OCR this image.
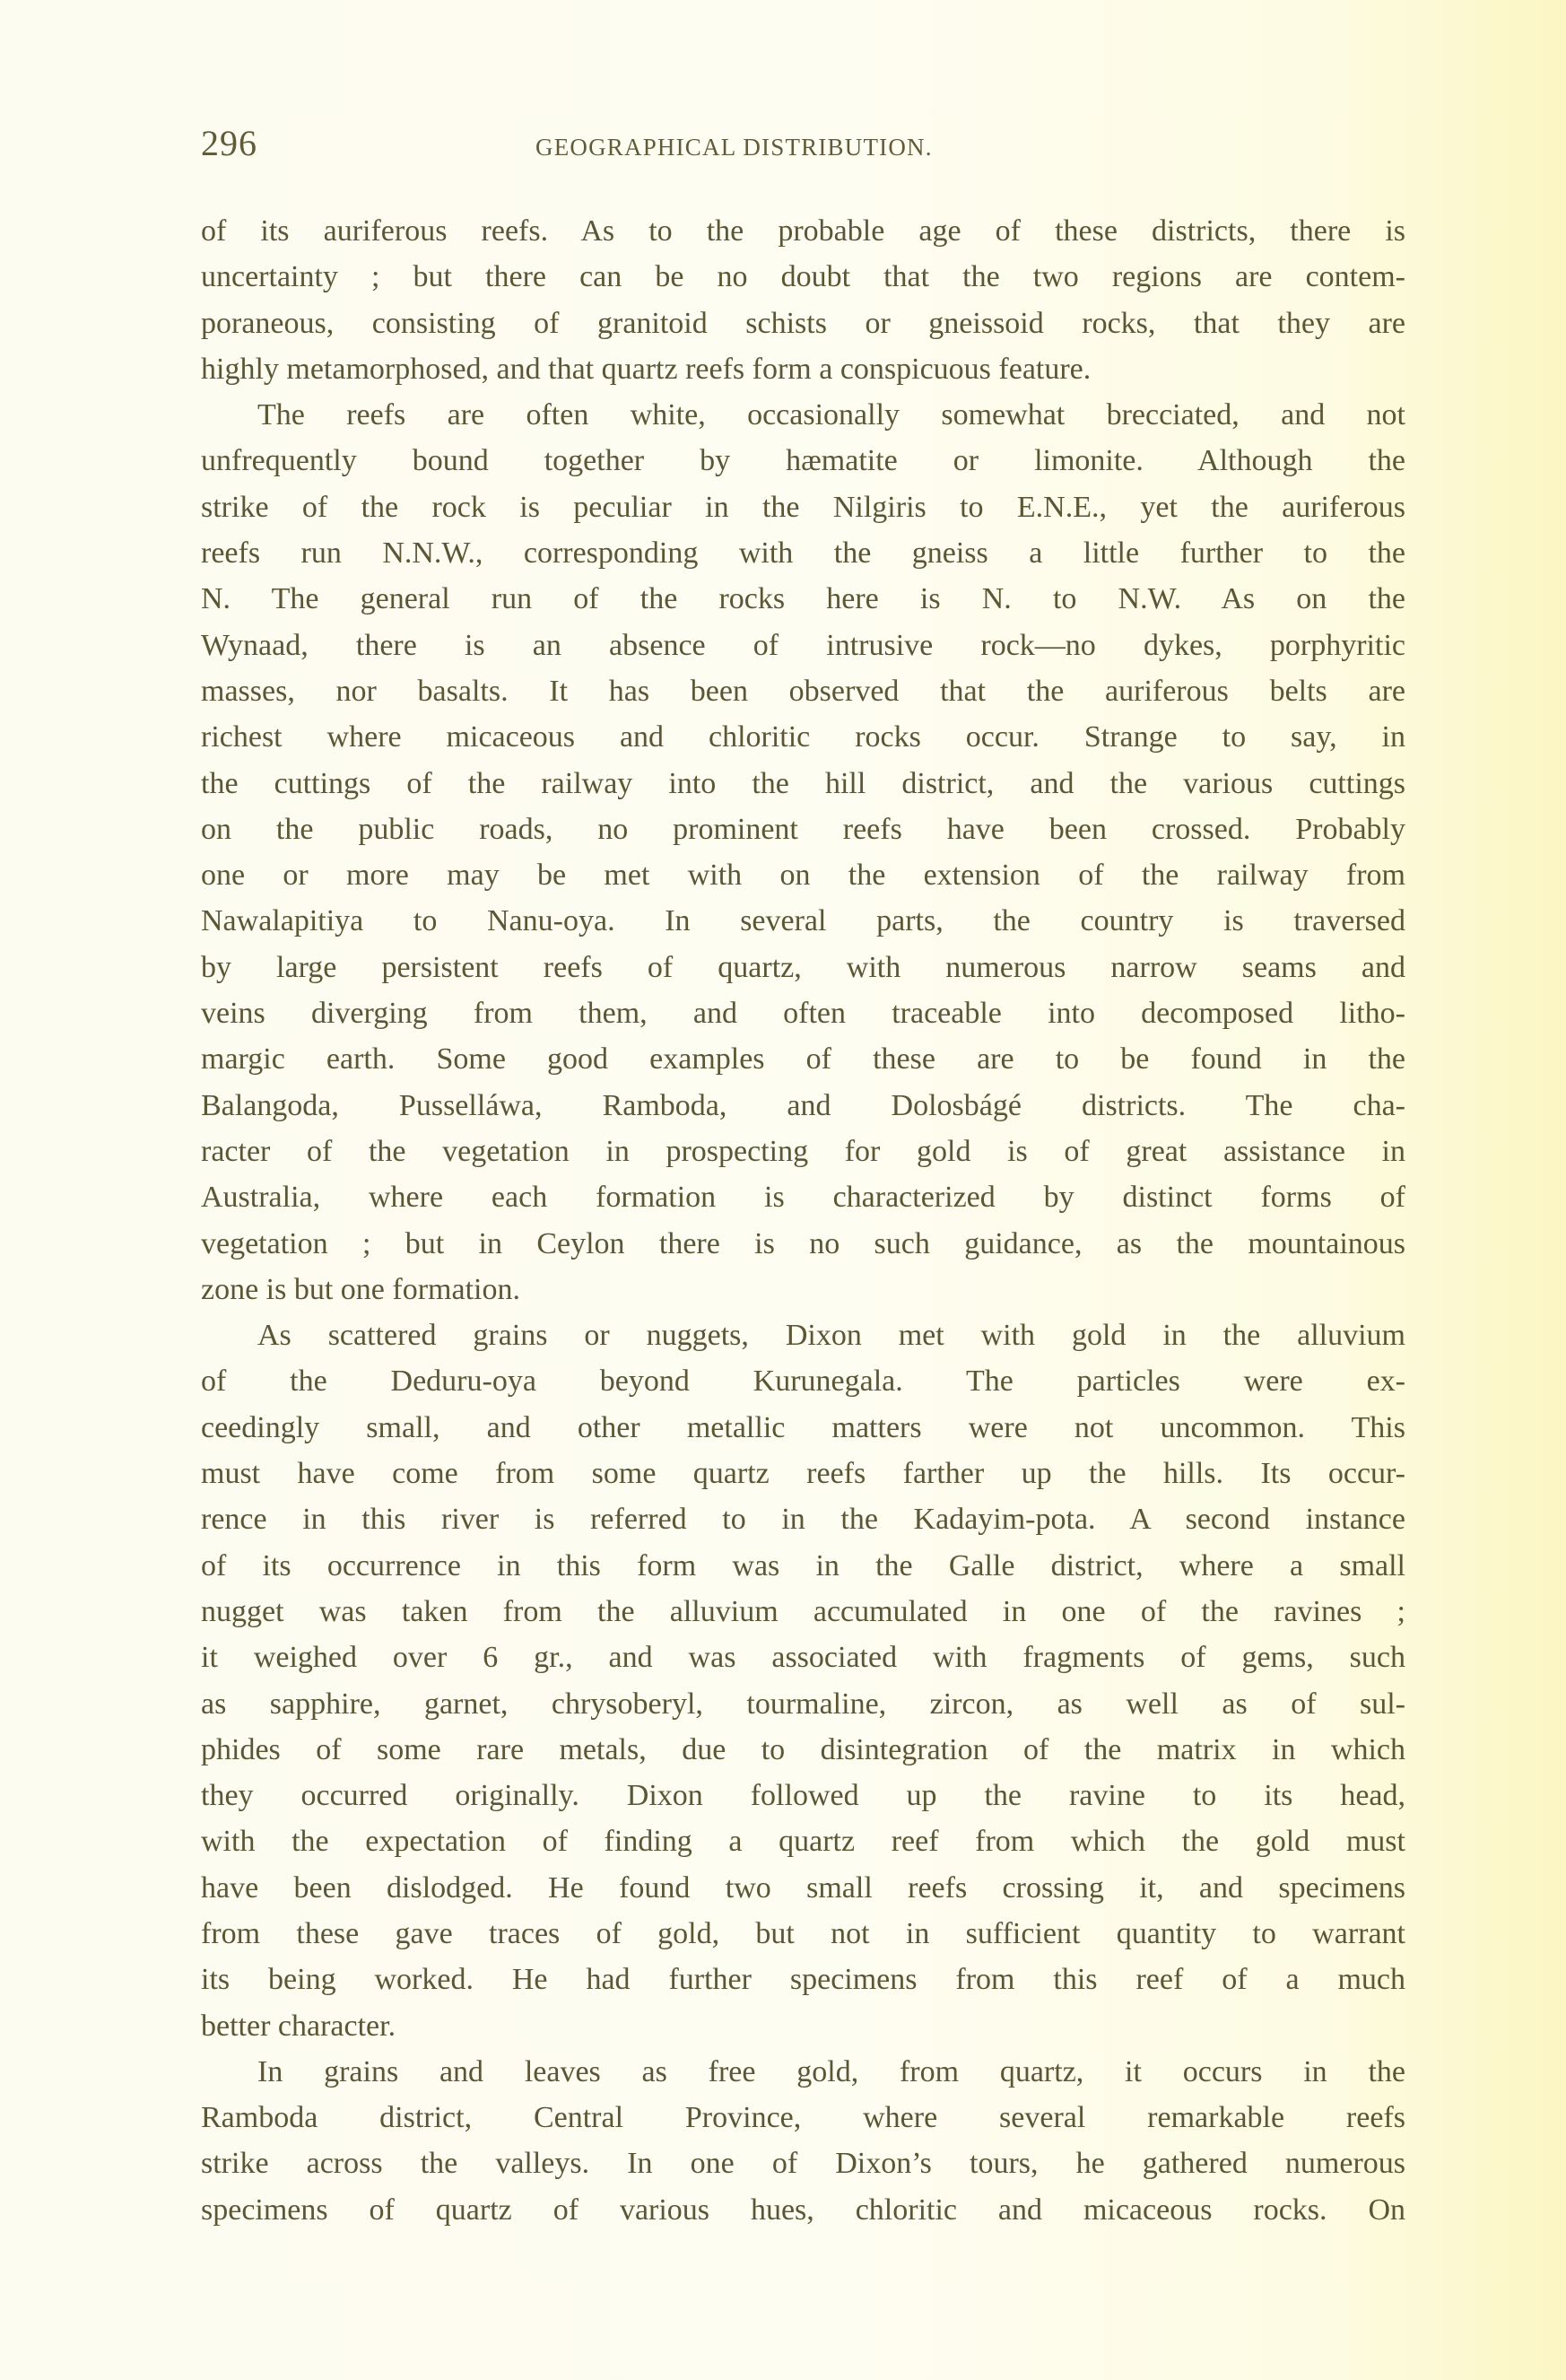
296	GEOGRAPHICAL DISTRIBUTION.
of its auriferous reefs. As to the probable age of these districts, there is
uncertainty ; but there can be no doubt that the two regions are contem-
poraneous, consisting of granitoid schists or gneissoid rocks, that they are
highly metamorphosed, and that quartz reefs form a conspicuous feature.
The reefs are often white, occasionally somewhat brecciated, and not
unfrequently bound together by hæmatite or limonite. Although the
strike of the rock is peculiar in the Nilgiris to E.N.E., yet the auriferous
reefs run N.N.W., corresponding with the gneiss a little further to the
N. The general run of the rocks here is N. to N.W. As on the
Wynaad, there is an absence of intrusive rock—no dykes, porphyritic
masses, nor basalts. It has been observed that the auriferous belts are
richest where micaceous and chloritic rocks occur. Strange to say, in
the cuttings of the railway into the hill district, and the various cuttings
on the public roads, no prominent reefs have been crossed. Probably
one or more may be met with on the extension of the railway from
Nawalapitiya to Nanu-oya. In several parts, the country is traversed
by large persistent reefs of quartz, with numerous narrow seams and
veins diverging from them, and often traceable into decomposed litho-
margic earth. Some good examples of these are to be found in the
Balangoda, Pusselláwa, Ramboda, and Dolosbágé districts. The cha-
racter of the vegetation in prospecting for gold is of great assistance in
Australia, where each formation is characterized by distinct forms of
vegetation ; but in Ceylon there is no such guidance, as the mountainous
zone is but one formation.
As scattered grains or nuggets, Dixon met with gold in the alluvium
of the Deduru-oya beyond Kurunegala. The particles were ex-
ceedingly small, and other metallic matters were not uncommon. This
must have come from some quartz reefs farther up the hills. Its occur-
rence in this river is referred to in the Kadayim-pota. A second instance
of its occurrence in this form was in the Galle district, where a small
nugget was taken from the alluvium accumulated in one of the ravines ;
it weighed over 6 gr., and was associated with fragments of gems, such
as sapphire, garnet, chrysoberyl, tourmaline, zircon, as well as of sul-
phides of some rare metals, due to disintegration of the matrix in which
they occurred originally. Dixon followed up the ravine to its head,
with the expectation of finding a quartz reef from which the gold must
have been dislodged. He found two small reefs crossing it, and specimens
from these gave traces of gold, but not in sufficient quantity to warrant
its being worked. He had further specimens from this reef of a much
better character.
In grains and leaves as free gold, from quartz, it occurs in the
Ramboda district, Central Province, where several remarkable reefs
strike across the valleys. In one of Dixon’s tours, he gathered numerous
specimens of quartz of various hues, chloritic and micaceous rocks. On
